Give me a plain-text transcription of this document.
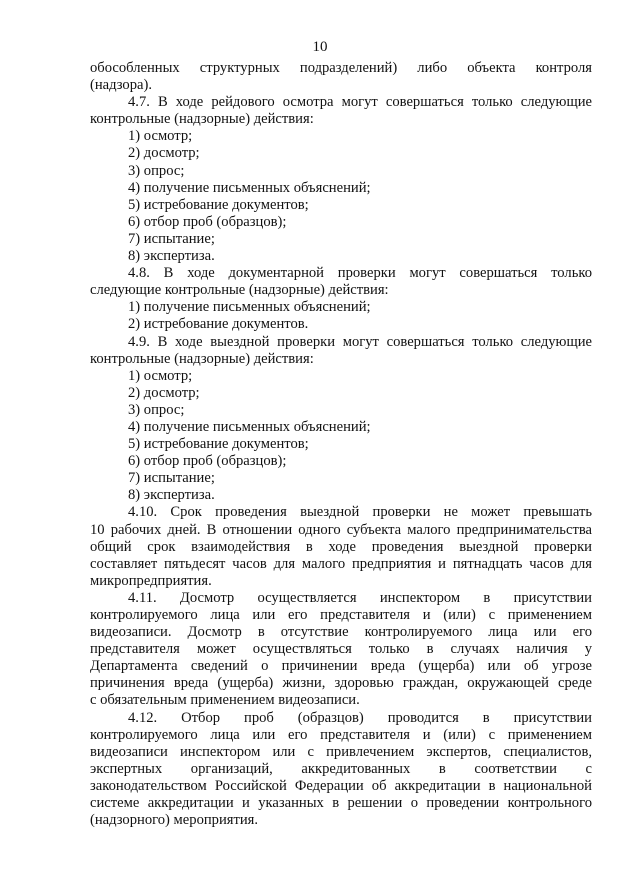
10
обособленных структурных подразделений) либо объекта контроля
(надзора).
4.7. В ходе рейдового осмотра могут совершаться только следующие
контрольные (надзорные) действия:
1) осмотр;
2) досмотр;
3) опрос;
4) получение письменных объяснений;
5) истребование документов;
6) отбор проб (образцов);
7) испытание;
8) экспертиза.
4.8. В ходе документарной проверки могут совершаться только
следующие контрольные (надзорные) действия:
1) получение письменных объяснений;
2) истребование документов.
4.9. В ходе выездной проверки могут совершаться только следующие
контрольные (надзорные) действия:
1) осмотр;
2) досмотр;
3) опрос;
4) получение письменных объяснений;
5) истребование документов;
6) отбор проб (образцов);
7) испытание;
8) экспертиза.
4.10. Срок проведения выездной проверки не может превышать
10 рабочих дней. В отношении одного субъекта малого предпринимательства
общий срок взаимодействия в ходе проведения выездной проверки
составляет пятьдесят часов для малого предприятия и пятнадцать часов для
микропредприятия.
4.11. Досмотр осуществляется инспектором в присутствии
контролируемого лица или его представителя и (или) с применением
видеозаписи. Досмотр в отсутствие контролируемого лица или его
представителя может осуществляться только в случаях наличия у
Департамента сведений о причинении вреда (ущерба) или об угрозе
причинения вреда (ущерба) жизни, здоровью граждан, окружающей среде
с обязательным применением видеозаписи.
4.12. Отбор проб (образцов) проводится в присутствии
контролируемого лица или его представителя и (или) с применением
видеозаписи инспектором или с привлечением экспертов, специалистов,
экспертных организаций, аккредитованных в соответствии с
законодательством Российской Федерации об аккредитации в национальной
системе аккредитации и указанных в решении о проведении контрольного
(надзорного) мероприятия.
